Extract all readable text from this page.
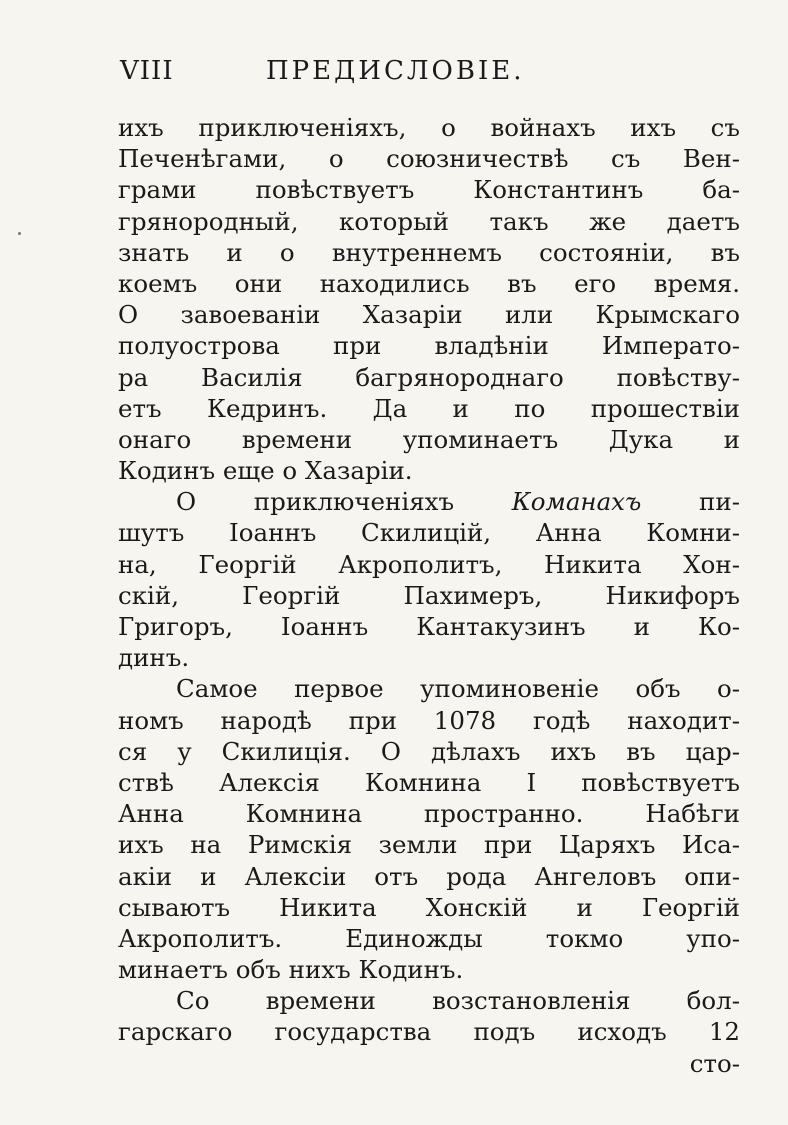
VIII	ПРЕДИСЛОВІЕ.
ихъ приключеніяхъ, о войнахъ ихъ съ
Печенѣгами, о союзничествѣ съ Вен-
грами повѣствуетъ Константинъ ба-
грянородный, который такъ же даетъ
знать и о внутреннемъ состояніи, въ
коемъ они находились въ его время.
О завоеваніи Хазаріи или Крымскаго
полуострова при владѣніи Императо-
ра Василія багрянороднаго повѣству-
етъ Кедринъ. Да и по прошествіи
онаго времени упоминаетъ Дука и
Кодинъ еще о Хазаріи.
О приключеніяхъ Команахъ пи-
шутъ Іоаннъ Скилицій, Анна Комни-
на, Георгій Акрополитъ, Никита Хон-
скій, Георгій Пахимеръ, Никифоръ
Григоръ, Іоаннъ Кантакузинъ и Ко-
динъ.
Самое первое упоминовеніе объ о-
номъ народѣ при 1078 годѣ находит-
ся у Скилиція. О дѣлахъ ихъ въ цар-
ствѣ Алексія Комнина I повѣствуетъ
Анна Комнина пространно. Набѣги
ихъ на Римскія земли при Царяхъ Иса-
акіи и Алексіи отъ рода Ангеловъ опи-
сываютъ Никита Хонскій и Георгій
Акрополитъ. Единожды токмо упо-
минаетъ объ нихъ Кодинъ.
Со времени возстановленія бол-
гарскаго государства подъ исходъ 12
сто-
